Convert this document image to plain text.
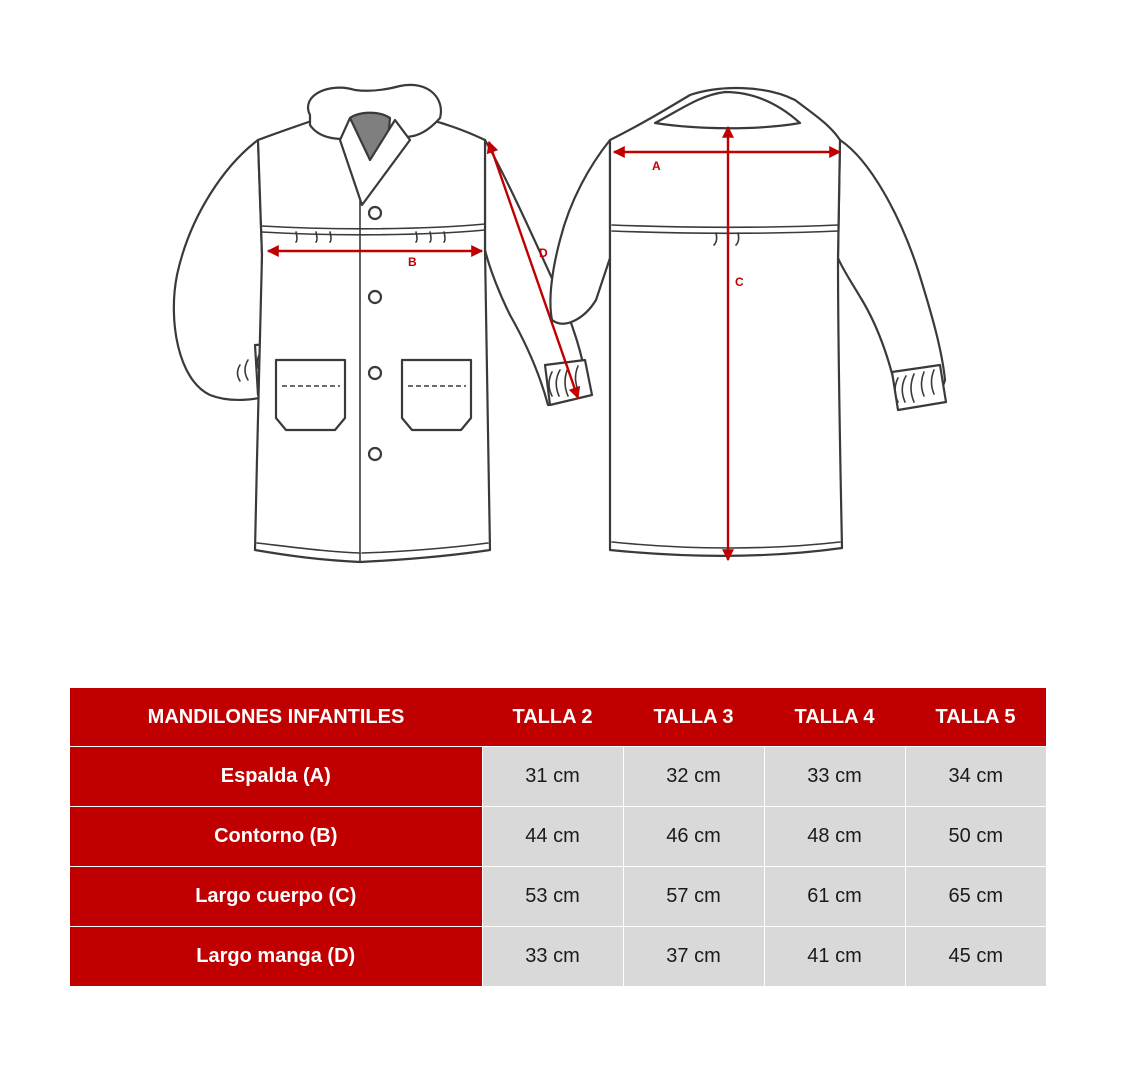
B
D
A
C
MANDILONES INFANTILES	TALLA 2	TALLA 3	TALLA 4	TALLA 5
Espalda (A)	31 cm	32 cm	33 cm	34 cm
Contorno (B)	44 cm	46 cm	48 cm	50 cm
Largo cuerpo (C)	53 cm	57 cm	61 cm	65 cm
Largo manga (D)	33 cm	37 cm	41 cm	45 cm
